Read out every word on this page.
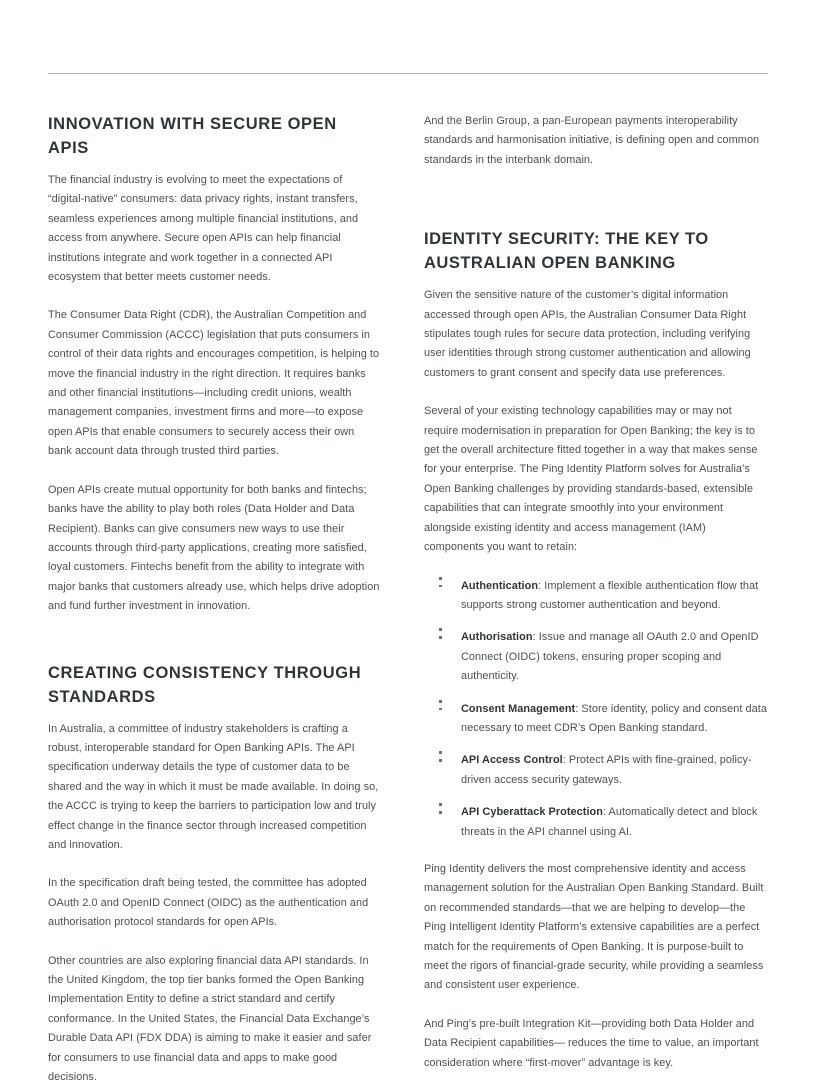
INNOVATION WITH SECURE OPEN APIS

The financial industry is evolving to meet the expectations of “digital-native” consumers: data privacy rights, instant transfers, seamless experiences among multiple financial institutions, and access from anywhere. Secure open APIs can help financial institutions integrate and work together in a connected API ecosystem that better meets customer needs.

The Consumer Data Right (CDR), the Australian Competition and Consumer Commission (ACCC) legislation that puts consumers in control of their data rights and encourages competition, is helping to move the financial industry in the right direction. It requires banks and other financial institutions—including credit unions, wealth management companies, investment firms and more—to expose open APIs that enable consumers to securely access their own bank account data through trusted third parties.

Open APIs create mutual opportunity for both banks and fintechs; banks have the ability to play both roles (Data Holder and Data Recipient). Banks can give consumers new ways to use their accounts through third-party applications, creating more satisfied, loyal customers. Fintechs benefit from the ability to integrate with major banks that customers already use, which helps drive adoption and fund further investment in innovation.

CREATING CONSISTENCY THROUGH STANDARDS

In Australia, a committee of industry stakeholders is crafting a robust, interoperable standard for Open Banking APIs. The API specification underway details the type of customer data to be shared and the way in which it must be made available. In doing so, the ACCC is trying to keep the barriers to participation low and truly effect change in the finance sector through increased competition and innovation.

In the specification draft being tested, the committee has adopted OAuth 2.0 and OpenID Connect (OIDC) as the authentication and authorisation protocol standards for open APIs.

Other countries are also exploring financial data API standards. In the United Kingdom, the top tier banks formed the Open Banking Implementation Entity to define a strict standard and certify conformance. In the United States, the Financial Data Exchange’s Durable Data API (FDX DDA) is aiming to make it easier and safer for consumers to use financial data and apps to make good decisions.

And the Berlin Group, a pan-European payments interoperability standards and harmonisation initiative, is defining open and common standards in the interbank domain.

IDENTITY SECURITY: THE KEY TO AUSTRALIAN OPEN BANKING

Given the sensitive nature of the customer’s digital information accessed through open APIs, the Australian Consumer Data Right stipulates tough rules for secure data protection, including verifying user identities through strong customer authentication and allowing customers to grant consent and specify data use preferences.

Several of your existing technology capabilities may or may not require modernisation in preparation for Open Banking; the key is to get the overall architecture fitted together in a way that makes sense for your enterprise. The Ping Identity Platform solves for Australia’s Open Banking challenges by providing standards-based, extensible capabilities that can integrate smoothly into your environment alongside existing identity and access management (IAM) components you want to retain:

Authentication: Implement a flexible authentication flow that supports strong customer authentication and beyond.
Authorisation: Issue and manage all OAuth 2.0 and OpenID Connect (OIDC) tokens, ensuring proper scoping and authenticity.
Consent Management: Store identity, policy and consent data necessary to meet CDR’s Open Banking standard.
API Access Control: Protect APIs with fine-grained, policy-driven access security gateways.
API Cyberattack Protection: Automatically detect and block threats in the API channel using AI.

Ping Identity delivers the most comprehensive identity and access management solution for the Australian Open Banking Standard. Built on recommended standards—that we are helping to develop—the Ping Intelligent Identity Platform’s extensive capabilities are a perfect match for the requirements of Open Banking. It is purpose-built to meet the rigors of financial-grade security, while providing a seamless and consistent user experience.

And Ping’s pre-built Integration Kit—providing both Data Holder and Data Recipient capabilities— reduces the time to value, an important consideration where “first-mover” advantage is key.
